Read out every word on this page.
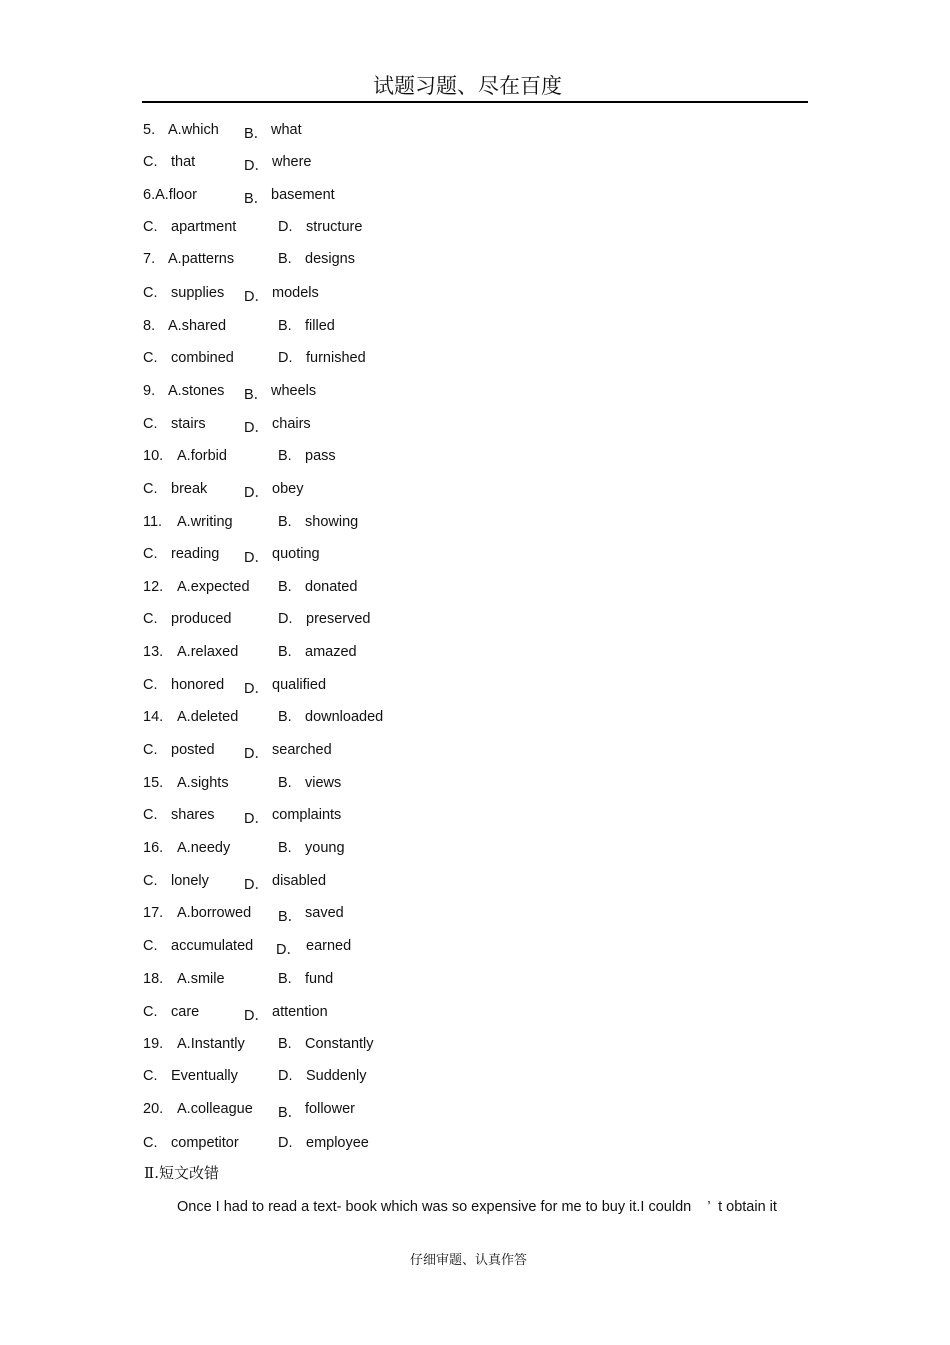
试题习题、尽在百度
5. A.which B． what
C. that	D． where
6.A.floor	B． basement
C. apartment	D. structure
7. A.patterns	B. designs
C. supplies D． models
8. A.shared	B. filled
C. combined	D. furnished
9. A.stones B． wheels
C. stairs	D． chairs
10. A.forbid	B. pass
C. break	D． obey
11. A.writing	B. showing
C. reading D． quoting
12. A.expected B. donated
C. produced	D. preserved
13. A.relaxed	B. amazed
C. honored D． qualified
14. A.deleted	B. downloaded
C. posted D． searched
15. A.sights	B. views
C. shares D． complaints
16. A.needy	B. young
C. lonely D． disabled
17. A.borrowed B． saved
C. accumulated D． earned
18. A.smile	B. fund
C. care	D． attention
19. A.Instantly B. Constantly
C. Eventually	D. Suddenly
20. A.colleague B． follower
C. competitor	D. employee
Ⅱ.短文改错
Once I had to read a text- book which was so expensive for me to buy it.I couldn    ’  t obtain it
仔细审题、认真作答
